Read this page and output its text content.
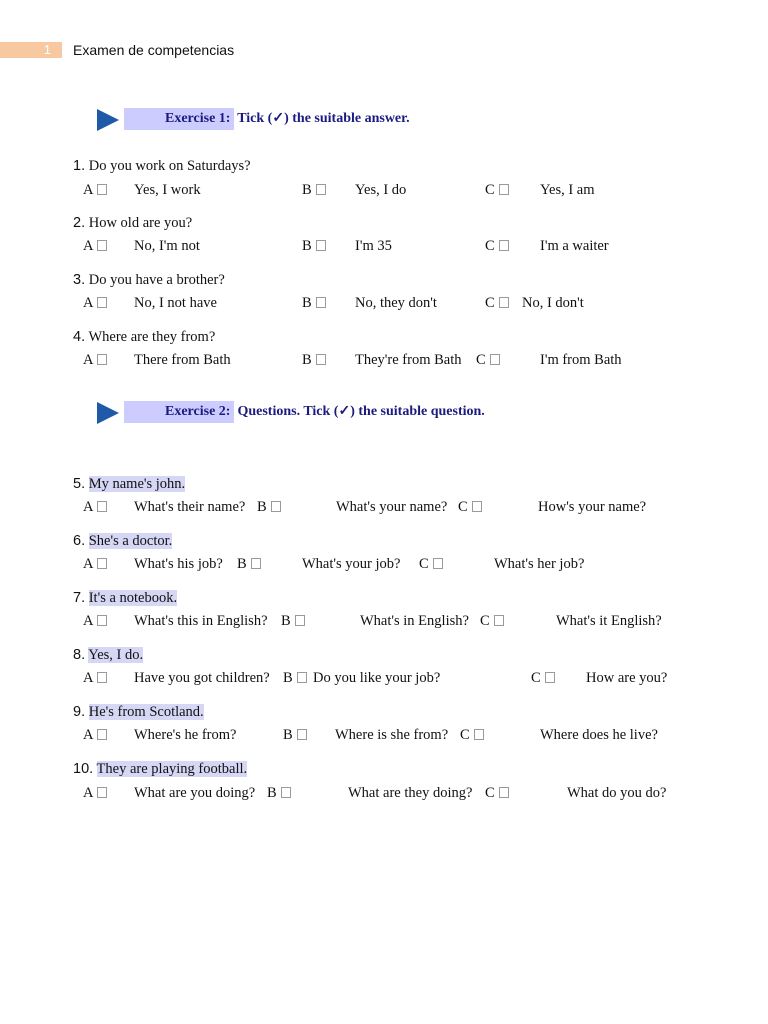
1	Examen de competencias
Exercise 1: Tick (✓) the suitable answer.
1. Do you work on Saturdays?
A	Yes, I work	B	Yes, I do	C	Yes, I am
2. How old are you?
A	No, I'm not	B	I'm 35	C	I'm a waiter
3. Do you have a brother?
A	No, I not have	B	No, they don't	C	No, I don't
4. Where are they from?
A	There from Bath	B	They're from Bath C	I'm from Bath
Exercise 2: Questions. Tick (✓) the suitable question.
5. My name's john.
A	What's their name? B	What's your name? C	How's your name?
6. She's a doctor.
A	What's his job? B	What's your job? C	What's her job?
7. It's a notebook.
A	What's this in English? B	What's in English? C	What's it English?
8. Yes, I do.
A	Have you got children? B	Do you like your job?	C	How are you?
9. He's from Scotland.
A	Where's he from?	B	Where is she from? C	Where does he live?
10. They are playing football.
A	What are you doing? B	What are they doing? C	What do you do?
